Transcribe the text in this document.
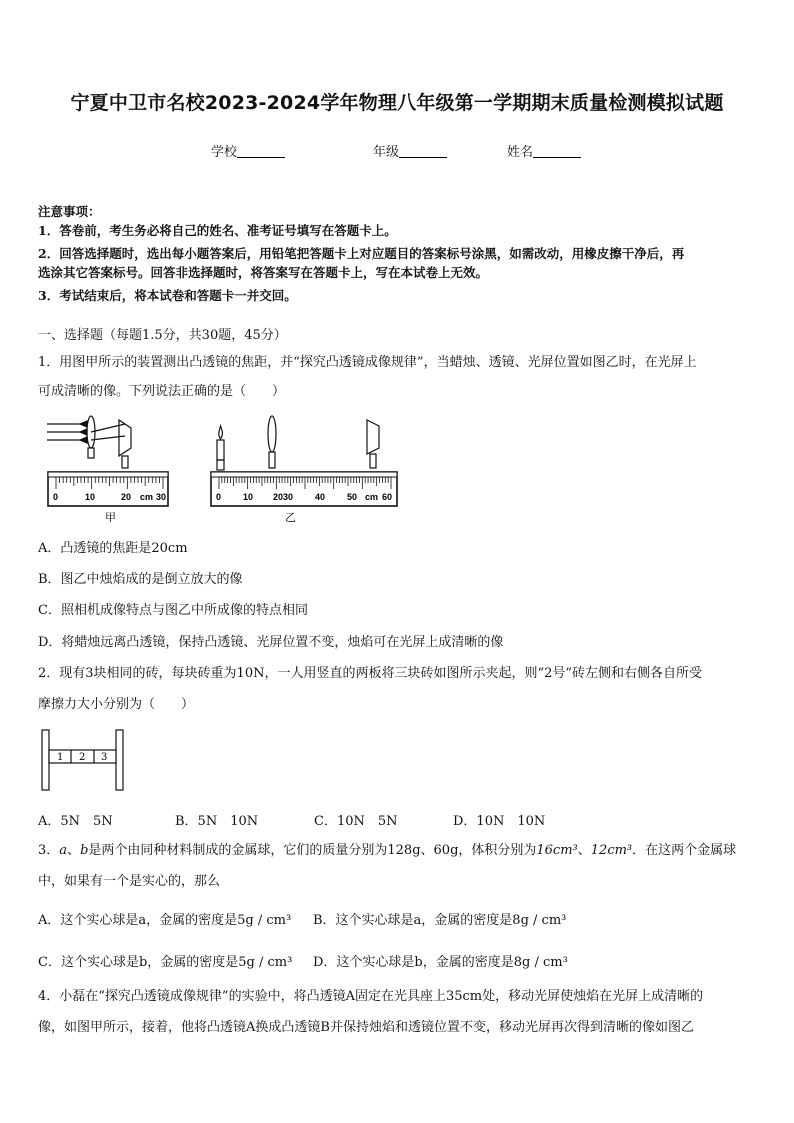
宁夏中卫市名校2023-2024学年物理八年级第一学期期末质量检测模拟试题
学校	年级	姓名
注意事项：
1．答卷前，考生务必将自己的姓名、准考证号填写在答题卡上。
2．回答选择题时，选出每小题答案后，用铅笔把答题卡上对应题目的答案标号涂黑，如需改动，用橡皮擦干净后，再
选涂其它答案标号。回答非选择题时，将答案写在答题卡上，写在本试卷上无效。
3．考试结束后，将本试卷和答题卡一并交回。
一、选择题（每题1.5分，共30题，45分）
1．用图甲所示的装置测出凸透镜的焦距，并“探究凸透镜成像规律”，当蜡烛、透镜、光屏位置如图乙时，在光屏上
可成清晰的像。下列说法正确的是（　　）
0	10	20 cm 30
甲
0 10 20 30 40 50 cm 60
乙
A．凸透镜的焦距是20cm
B．图乙中烛焰成的是倒立放大的像
C．照相机成像特点与图乙中所成像的特点相同
D．将蜡烛远离凸透镜，保持凸透镜、光屏位置不变，烛焰可在光屏上成清晰的像
2．现有3块相同的砖，每块砖重为10N，一人用竖直的两板将三块砖如图所示夹起，则“2号”砖左侧和右侧各自所受
摩擦力大小分别为（　　）
1 2 3
A．5N　5N	B．5N　10N	C．10N　5N	D．10N　10N
3．a、b是两个由同种材料制成的金属球，它们的质量分别为128g、60g，体积分别为16cm³、12cm³．在这两个金属球
中，如果有一个是实心的，那么
A．这个实心球是a，金属的密度是5g / cm³ B．这个实心球是a，金属的密度是8g / cm³
C．这个实心球是b，金属的密度是5g / cm³ D．这个实心球是b，金属的密度是8g / cm³
4．小磊在“探究凸透镜成像规律”的实验中，将凸透镜A固定在光具座上35cm处，移动光屏使烛焰在光屏上成清晰的
像，如图甲所示，接着，他将凸透镜A换成凸透镜B并保持烛焰和透镜位置不变，移动光屏再次得到清晰的像如图乙
